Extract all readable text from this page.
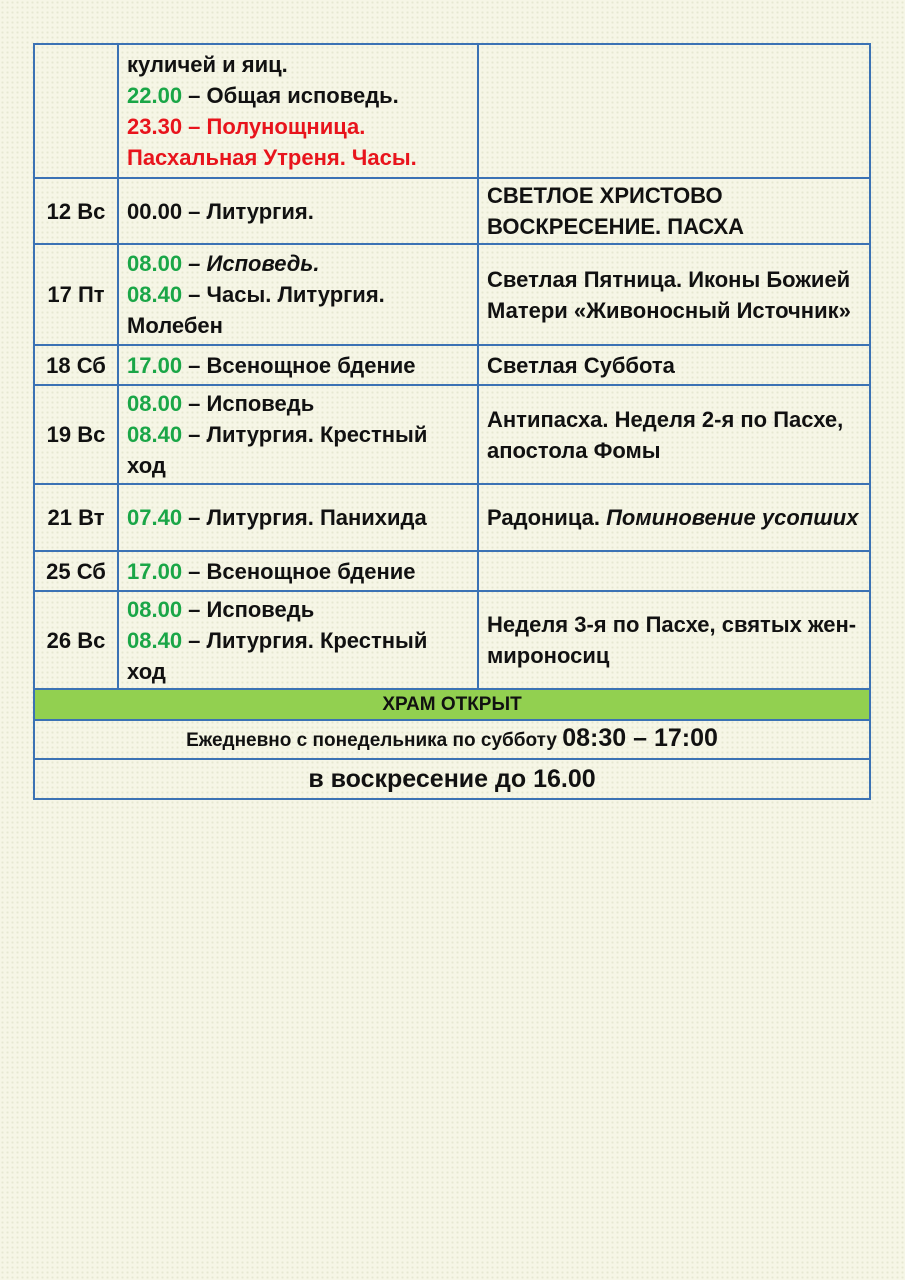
	куличей и яиц.
22.00 – Общая исповедь.
23.30 – Полунощница.
Пасхальная Утреня. Часы.	

12 Вс	00.00 – Литургия.	СВЕТЛОЕ ХРИСТОВО ВОСКРЕСЕНИЕ. ПАСХА
17 Пт	08.00 – Исповедь.
08.40 – Часы. Литургия.
Молебен	Светлая Пятница. Иконы Божией Матери «Живоносный Источник»
18 Сб	17.00 – Всенощное бдение	Светлая Суббота
19 Вс	08.00 – Исповедь
08.40 – Литургия. Крестный
ход	Антипасха. Неделя 2-я по Пасхе, апостола Фомы
21 Вт	07.40 – Литургия. Панихида	Радоница. Поминовение усопших
25 Сб	17.00 – Всенощное бдение	

26 Вс	08.00 – Исповедь
08.40 – Литургия. Крестный
ход	Неделя 3-я по Пасхе, святых жен-мироносиц
ХРАМ ОТКРЫТ		
Ежедневно с понедельника по субботу 08:30 – 17:00		
в воскресение до 16.00		
